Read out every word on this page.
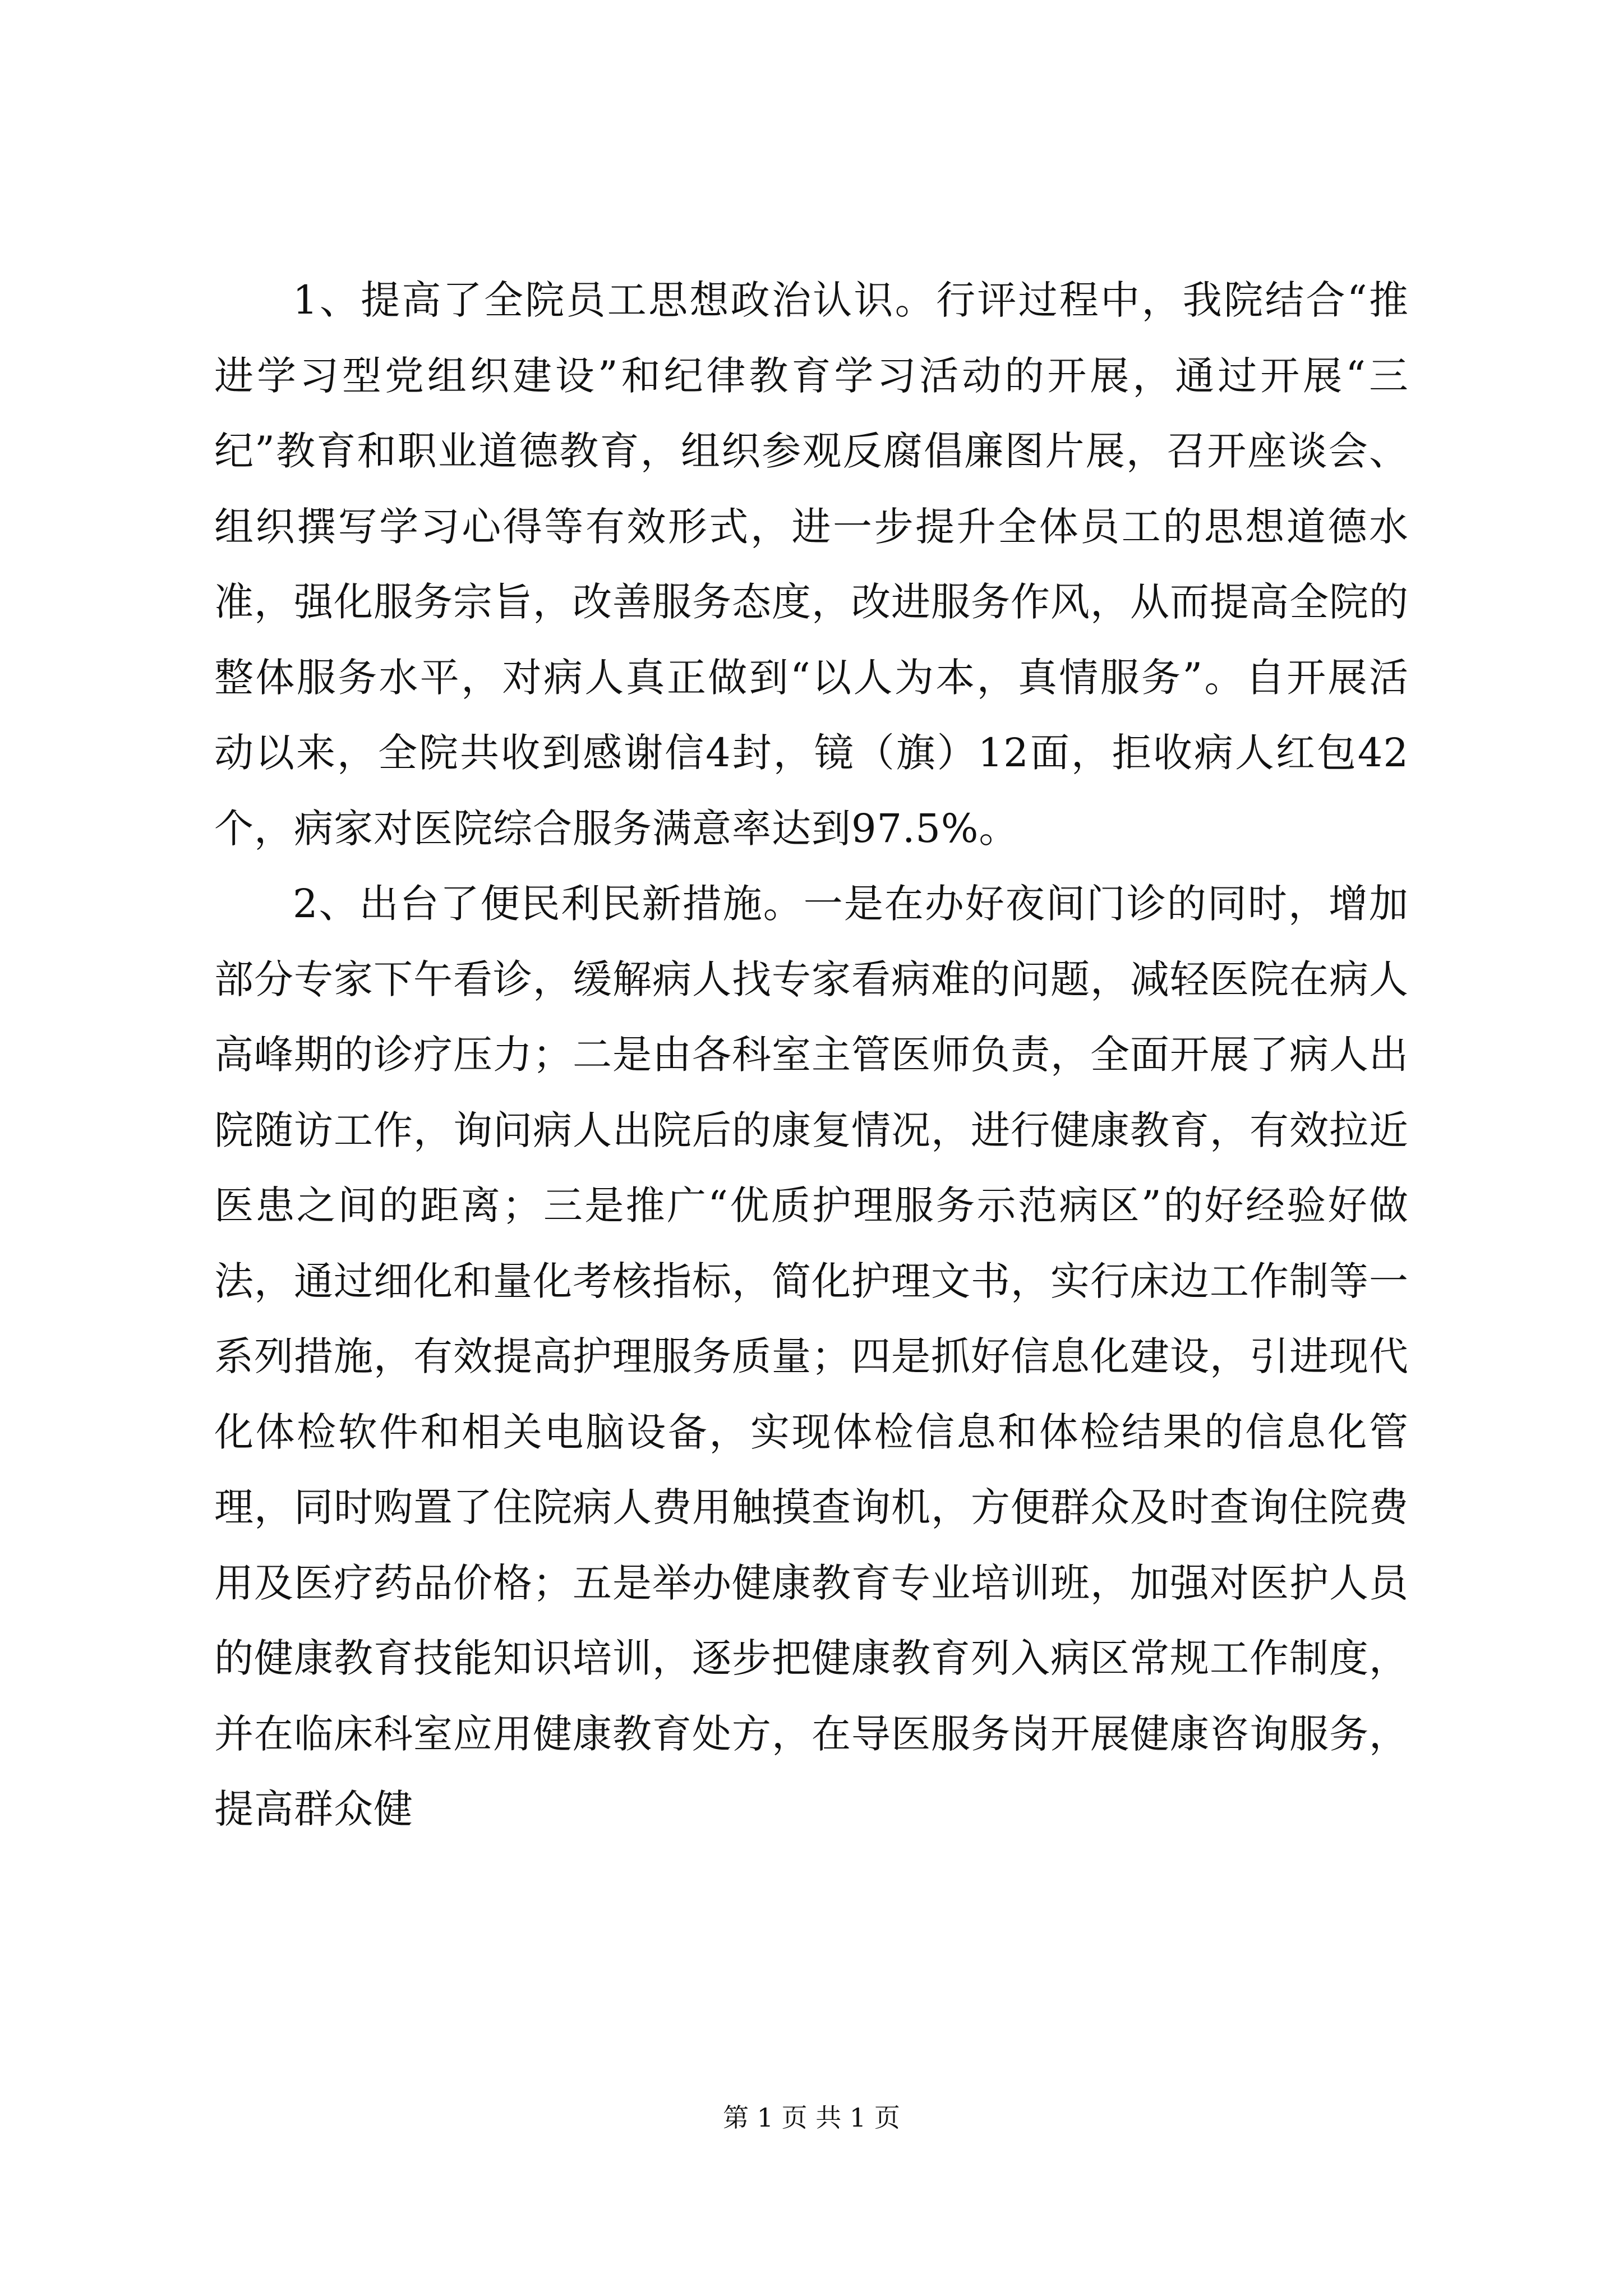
1、提高了全院员工思想政治认识。行评过程中，我院结合“推进学习型党组织建设”和纪律教育学习活动的开展，通过开展“三纪”教育和职业道德教育，组织参观反腐倡廉图片展，召开座谈会、组织撰写学习心得等有效形式，进一步提升全体员工的思想道德水准，强化服务宗旨，改善服务态度，改进服务作风，从而提高全院的整体服务水平，对病人真正做到“以人为本，真情服务”。自开展活动以来，全院共收到感谢信4封，镜（旗）12面，拒收病人红包42个，病家对医院综合服务满意率达到97.5%。

2、出台了便民利民新措施。一是在办好夜间门诊的同时，增加部分专家下午看诊，缓解病人找专家看病难的问题，减轻医院在病人高峰期的诊疗压力；二是由各科室主管医师负责，全面开展了病人出院随访工作，询问病人出院后的康复情况，进行健康教育，有效拉近医患之间的距离；三是推广“优质护理服务示范病区”的好经验好做法，通过细化和量化考核指标，简化护理文书，实行床边工作制等一系列措施，有效提高护理服务质量；四是抓好信息化建设，引进现代化体检软件和相关电脑设备，实现体检信息和体检结果的信息化管理，同时购置了住院病人费用触摸查询机，方便群众及时查询住院费用及医疗药品价格；五是举办健康教育专业培训班，加强对医护人员的健康教育技能知识培训，逐步把健康教育列入病区常规工作制度，并在临床科室应用健康教育处方，在导医服务岗开展健康咨询服务，提高群众健

第 1 页 共 1 页
